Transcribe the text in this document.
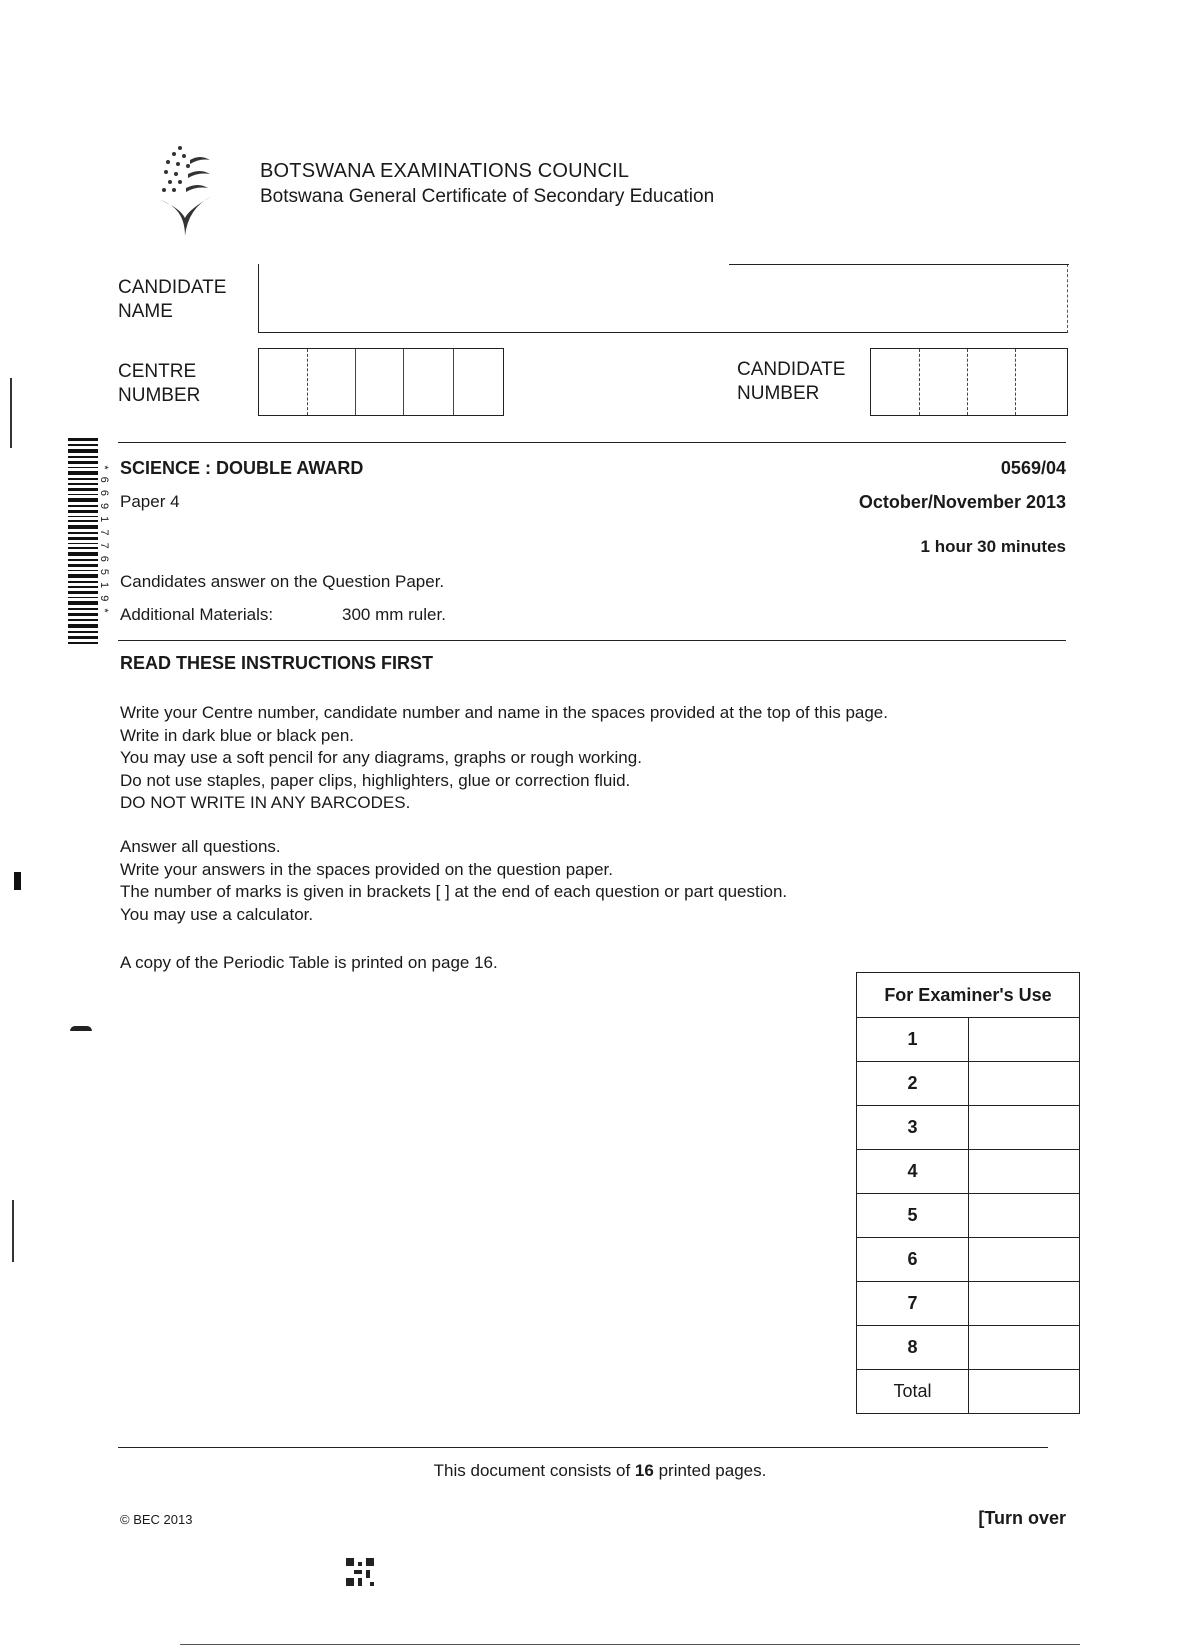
BOTSWANA EXAMINATIONS COUNCIL
Botswana General Certificate of Secondary Education
CANDIDATE
NAME
CENTRE
NUMBER
CANDIDATE
NUMBER
* 6 6 9 1 7 7 6 5 1 9 * SCIENCE : DOUBLE AWARD	0569/04
Paper 4	October/November 2013
1 hour 30 minutes
Candidates answer on the Question Paper.
Additional Materials:	300 mm ruler.
READ THESE INSTRUCTIONS FIRST
Write your Centre number, candidate number and name in the spaces provided at the top of this page.
Write in dark blue or black pen.
You may use a soft pencil for any diagrams, graphs or rough working.
Do not use staples, paper clips, highlighters, glue or correction fluid.
DO NOT WRITE IN ANY BARCODES.
Answer all questions.
Write your answers in the spaces provided on the question paper.
The number of marks is given in brackets [ ] at the end of each question or part question.
You may use a calculator.
A copy of the Periodic Table is printed on page 16.
For Examiner's Use	
1	
2	
3	
4	
5	
6	
7	
8	
Total	
This document consists of 16 printed pages.
© BEC 2013	[Turn over
